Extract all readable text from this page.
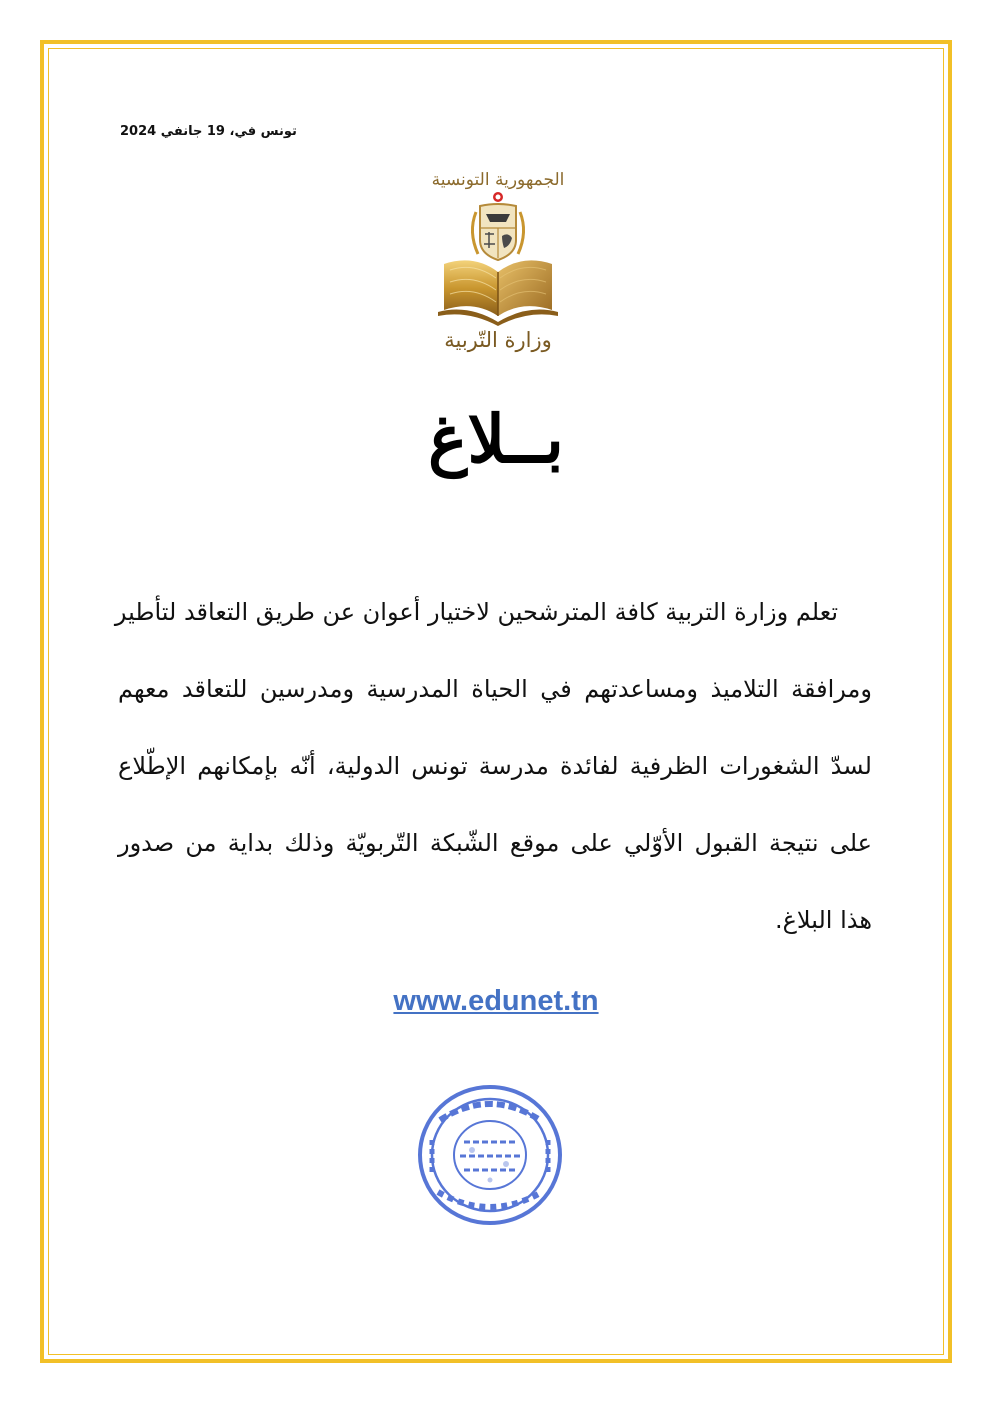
تونس في، 19 جانفي 2024
الجمهورية التونسية
وزارة التّربية
بــلاغ
تعلم وزارة التربية كافة المترشحين لاختيار أعوان عن طريق التعاقد لتأطير
ومرافقة التلاميذ ومساعدتهم في الحياة المدرسية ومدرسين للتعاقد معهم
لسدّ الشغورات الظرفية لفائدة مدرسة تونس الدولية، أنّه بإمكانهم الإطّلاع
على نتيجة القبول الأوّلي على موقع الشّبكة التّربويّة وذلك بداية من صدور
هذا البلاغ.
www.edunet.tn
